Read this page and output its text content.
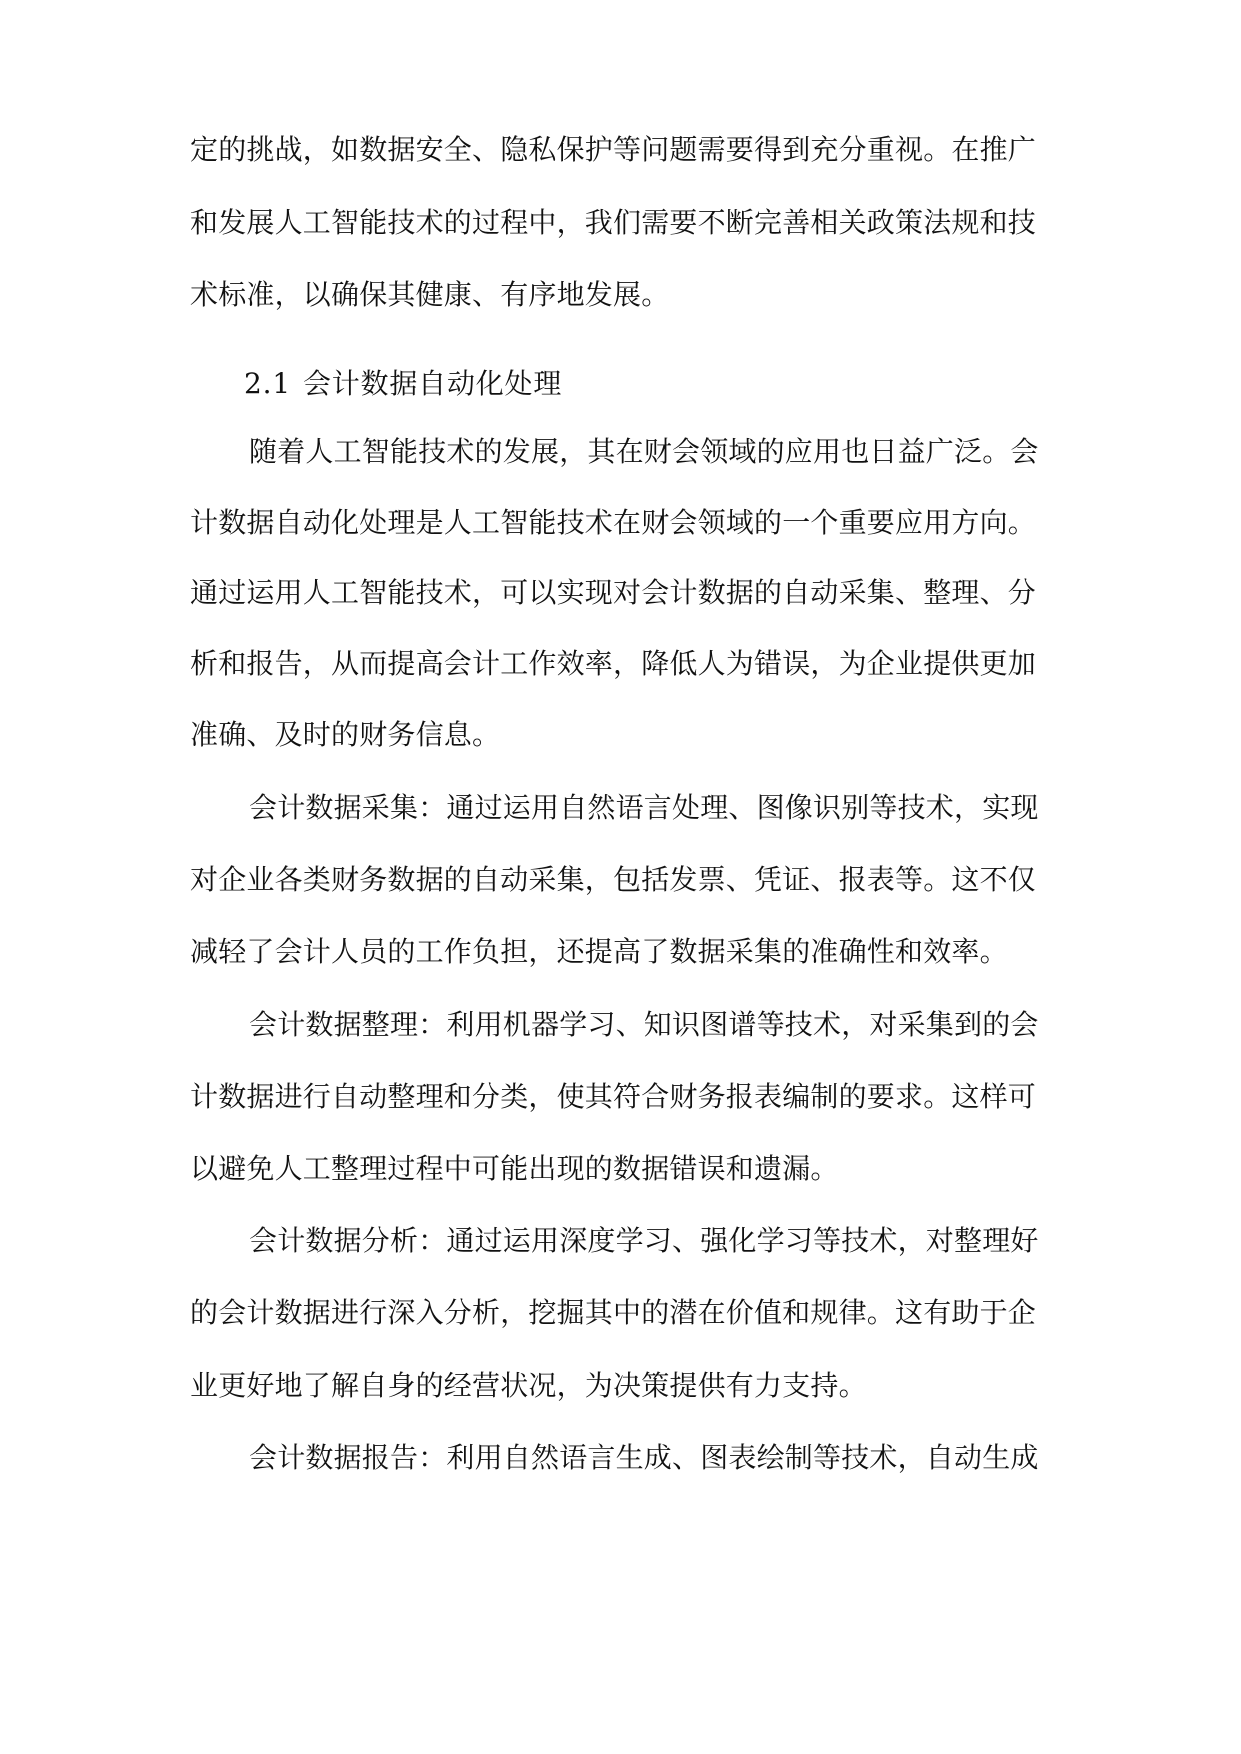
定的挑战，如数据安全、隐私保护等问题需要得到充分重视。在推广
和发展人工智能技术的过程中，我们需要不断完善相关政策法规和技
术标准，以确保其健康、有序地发展。
2.1 会计数据自动化处理
随着人工智能技术的发展，其在财会领域的应用也日益广泛。会
计数据自动化处理是人工智能技术在财会领域的一个重要应用方向。
通过运用人工智能技术，可以实现对会计数据的自动采集、整理、分
析和报告，从而提高会计工作效率，降低人为错误，为企业提供更加
准确、及时的财务信息。
会计数据采集：通过运用自然语言处理、图像识别等技术，实现
对企业各类财务数据的自动采集，包括发票、凭证、报表等。这不仅
减轻了会计人员的工作负担，还提高了数据采集的准确性和效率。
会计数据整理：利用机器学习、知识图谱等技术，对采集到的会
计数据进行自动整理和分类，使其符合财务报表编制的要求。这样可
以避免人工整理过程中可能出现的数据错误和遗漏。
会计数据分析：通过运用深度学习、强化学习等技术，对整理好
的会计数据进行深入分析，挖掘其中的潜在价值和规律。这有助于企
业更好地了解自身的经营状况，为决策提供有力支持。
会计数据报告：利用自然语言生成、图表绘制等技术，自动生成
